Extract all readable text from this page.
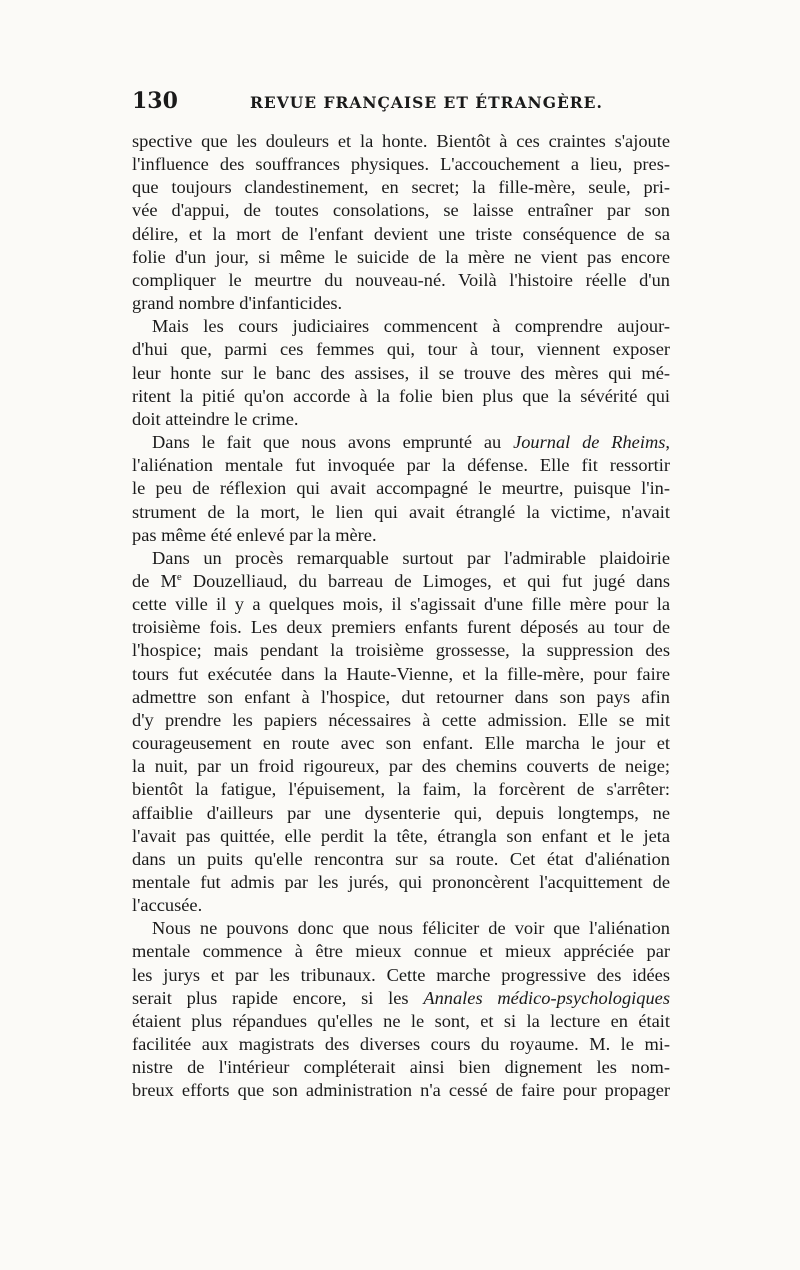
130	REVUE FRANÇAISE ET ÉTRANGÈRE.

spective que les douleurs et la honte. Bientôt à ces craintes s'ajoute

l'influence des souffrances physiques. L'accouchement a lieu, pres-

que toujours clandestinement, en secret; la fille-mère, seule, pri-

vée d'appui, de toutes consolations, se laisse entraîner par son

délire, et la mort de l'enfant devient une triste conséquence de sa

folie d'un jour, si même le suicide de la mère ne vient pas encore

compliquer le meurtre du nouveau-né. Voilà l'histoire réelle d'un

grand nombre d'infanticides.

Mais les cours judiciaires commencent à comprendre aujour-

d'hui que, parmi ces femmes qui, tour à tour, viennent exposer

leur honte sur le banc des assises, il se trouve des mères qui mé-

ritent la pitié qu'on accorde à la folie bien plus que la sévérité qui

doit atteindre le crime.

Dans le fait que nous avons emprunté au Journal de Rheims,

l'aliénation mentale fut invoquée par la défense. Elle fit ressortir

le peu de réflexion qui avait accompagné le meurtre, puisque l'in-

strument de la mort, le lien qui avait étranglé la victime, n'avait

pas même été enlevé par la mère.

Dans un procès remarquable surtout par l'admirable plaidoirie

de Me Douzelliaud, du barreau de Limoges, et qui fut jugé dans

cette ville il y a quelques mois, il s'agissait d'une fille mère pour la

troisième fois. Les deux premiers enfants furent déposés au tour de

l'hospice; mais pendant la troisième grossesse, la suppression des

tours fut exécutée dans la Haute-Vienne, et la fille-mère, pour faire

admettre son enfant à l'hospice, dut retourner dans son pays afin

d'y prendre les papiers nécessaires à cette admission. Elle se mit

courageusement en route avec son enfant. Elle marcha le jour et

la nuit, par un froid rigoureux, par des chemins couverts de neige;

bientôt la fatigue, l'épuisement, la faim, la forcèrent de s'arrêter:

affaiblie d'ailleurs par une dysenterie qui, depuis longtemps, ne

l'avait pas quittée, elle perdit la tête, étrangla son enfant et le jeta

dans un puits qu'elle rencontra sur sa route. Cet état d'aliénation

mentale fut admis par les jurés, qui prononcèrent l'acquittement de

l'accusée.

Nous ne pouvons donc que nous féliciter de voir que l'aliénation

mentale commence à être mieux connue et mieux appréciée par

les jurys et par les tribunaux. Cette marche progressive des idées

serait plus rapide encore, si les Annales médico-psychologiques

étaient plus répandues qu'elles ne le sont, et si la lecture en était

facilitée aux magistrats des diverses cours du royaume. M. le mi-

nistre de l'intérieur compléterait ainsi bien dignement les nom-

breux efforts que son administration n'a cessé de faire pour propager
